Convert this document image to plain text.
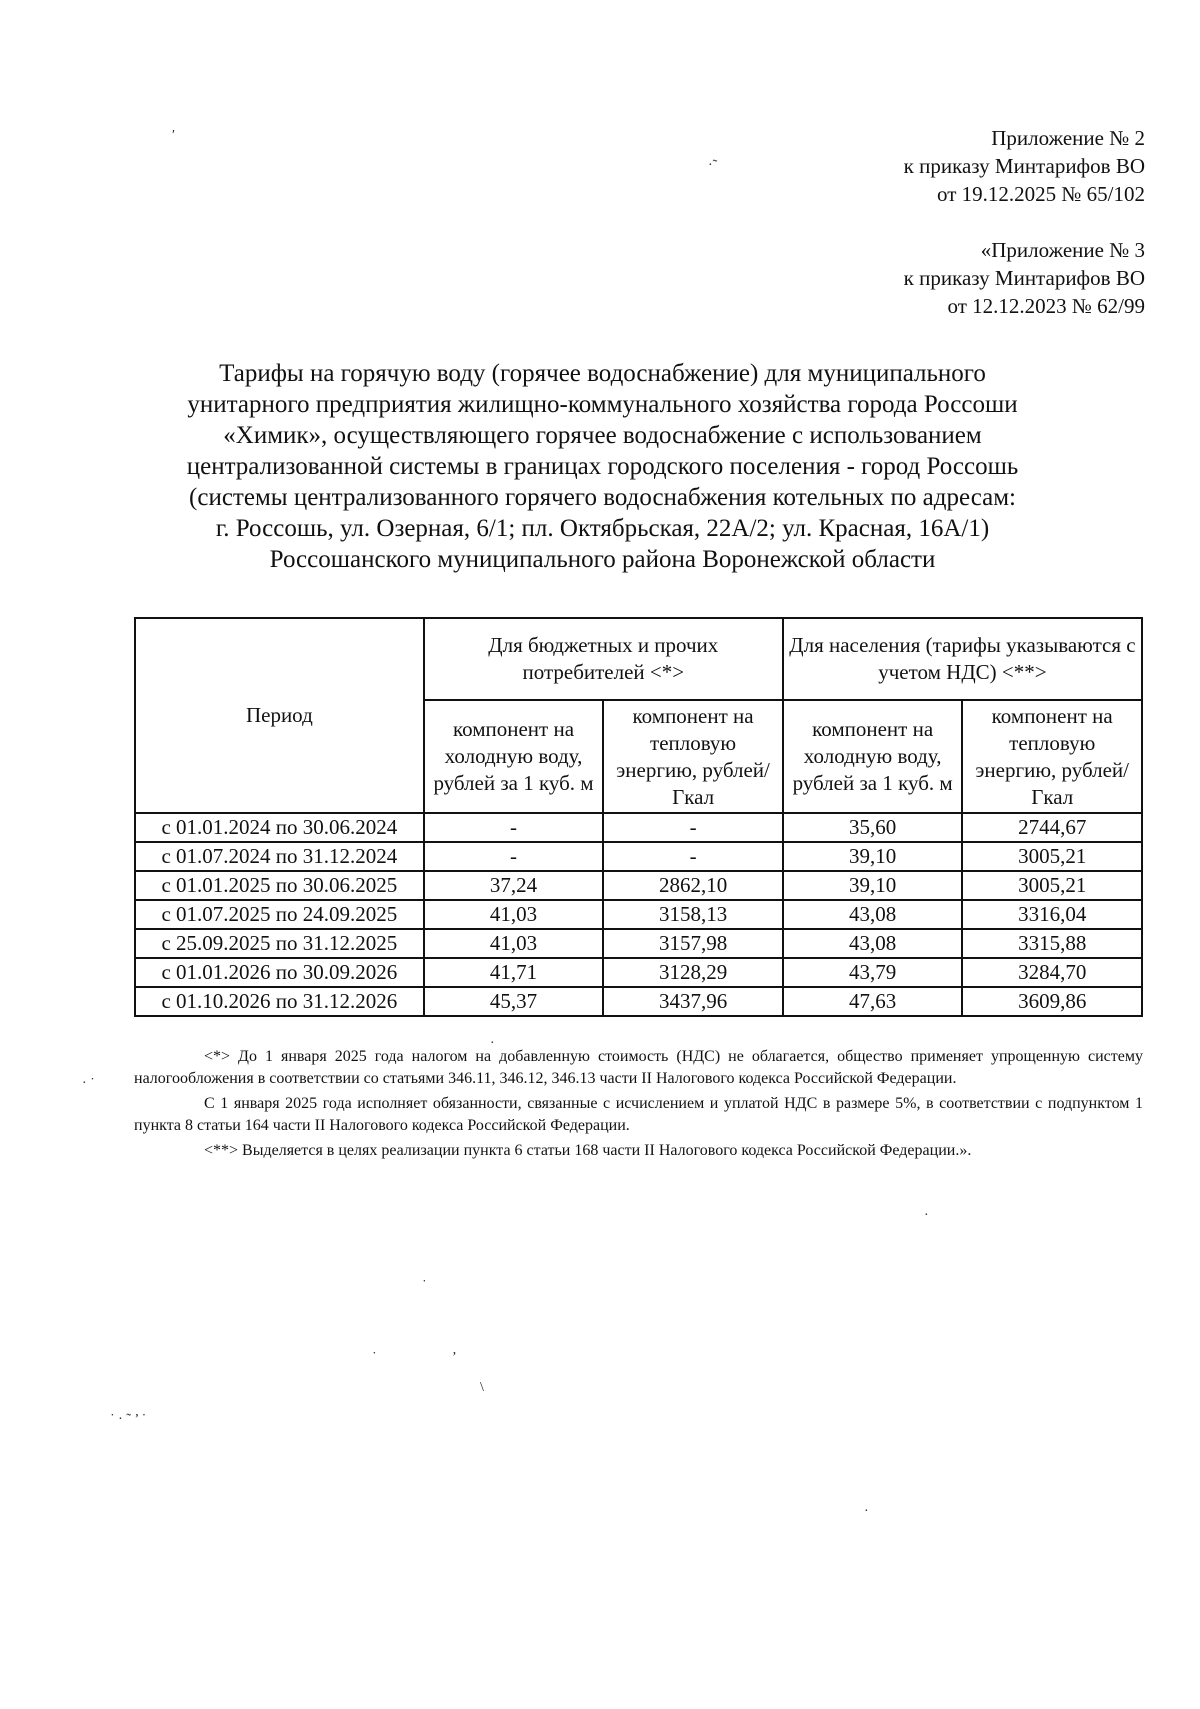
Приложение № 2
к приказу Минтарифов ВО
от 19.12.2025 № 65/102
«Приложение № 3
к приказу Минтарифов ВО
от 12.12.2023 № 62/99
Тарифы на горячую воду (горячее водоснабжение) для муниципального
унитарного предприятия жилищно-коммунального хозяйства города Россоши
«Химик», осуществляющего горячее водоснабжение с использованием
централизованной системы в границах городского поселения - город Россошь
(системы централизованного горячего водоснабжения котельных по адресам:
г. Россошь, ул. Озерная, 6/1; пл. Октябрьская, 22А/2; ул. Красная, 16А/1)
Россошанского муниципального района Воронежской области
Период	Для бюджетных и прочих потребителей <*>		Для населения (тарифы указываются с учетом НДС) <**>	
	компонент на холодную воду, рублей за 1 куб. м	компонент на тепловую энергию, рублей/Гкал	компонент на холодную воду, рублей за 1 куб. м	компонент на тепловую энергию, рублей/Гкал
с 01.01.2024 по 30.06.2024	-	-	35,60	2744,67
с 01.07.2024 по 31.12.2024	-	-	39,10	3005,21
с 01.01.2025 по 30.06.2025	37,24	2862,10	39,10	3005,21
с 01.07.2025 по 24.09.2025	41,03	3158,13	43,08	3316,04
с 25.09.2025 по 31.12.2025	41,03	3157,98	43,08	3315,88
с 01.01.2026 по 30.09.2026	41,71	3128,29	43,79	3284,70
с 01.10.2026 по 31.12.2026	45,37	3437,96	47,63	3609,86

<*> До 1 января 2025 года налогом на добавленную стоимость (НДС) не облагается, общество применяет упрощенную систему налогообложения в соответствии со статьями 346.11, 346.12, 346.13 части II Налогового кодекса Российской Федерации.

С 1 января 2025 года исполняет обязанности, связанные с исчислением и уплатой НДС в размере 5%, в соответствии с подпунктом 1 пункта 8 статьи 164 части II Налогового кодекса Российской Федерации.

<**> Выделяется в целях реализации пункта 6 статьи 168 части II Налогового кодекса Российской Федерации.».

′
·˜
· ˙
·
·
˙
˙	’
\
˙ · ˜ ’ ˙
·
